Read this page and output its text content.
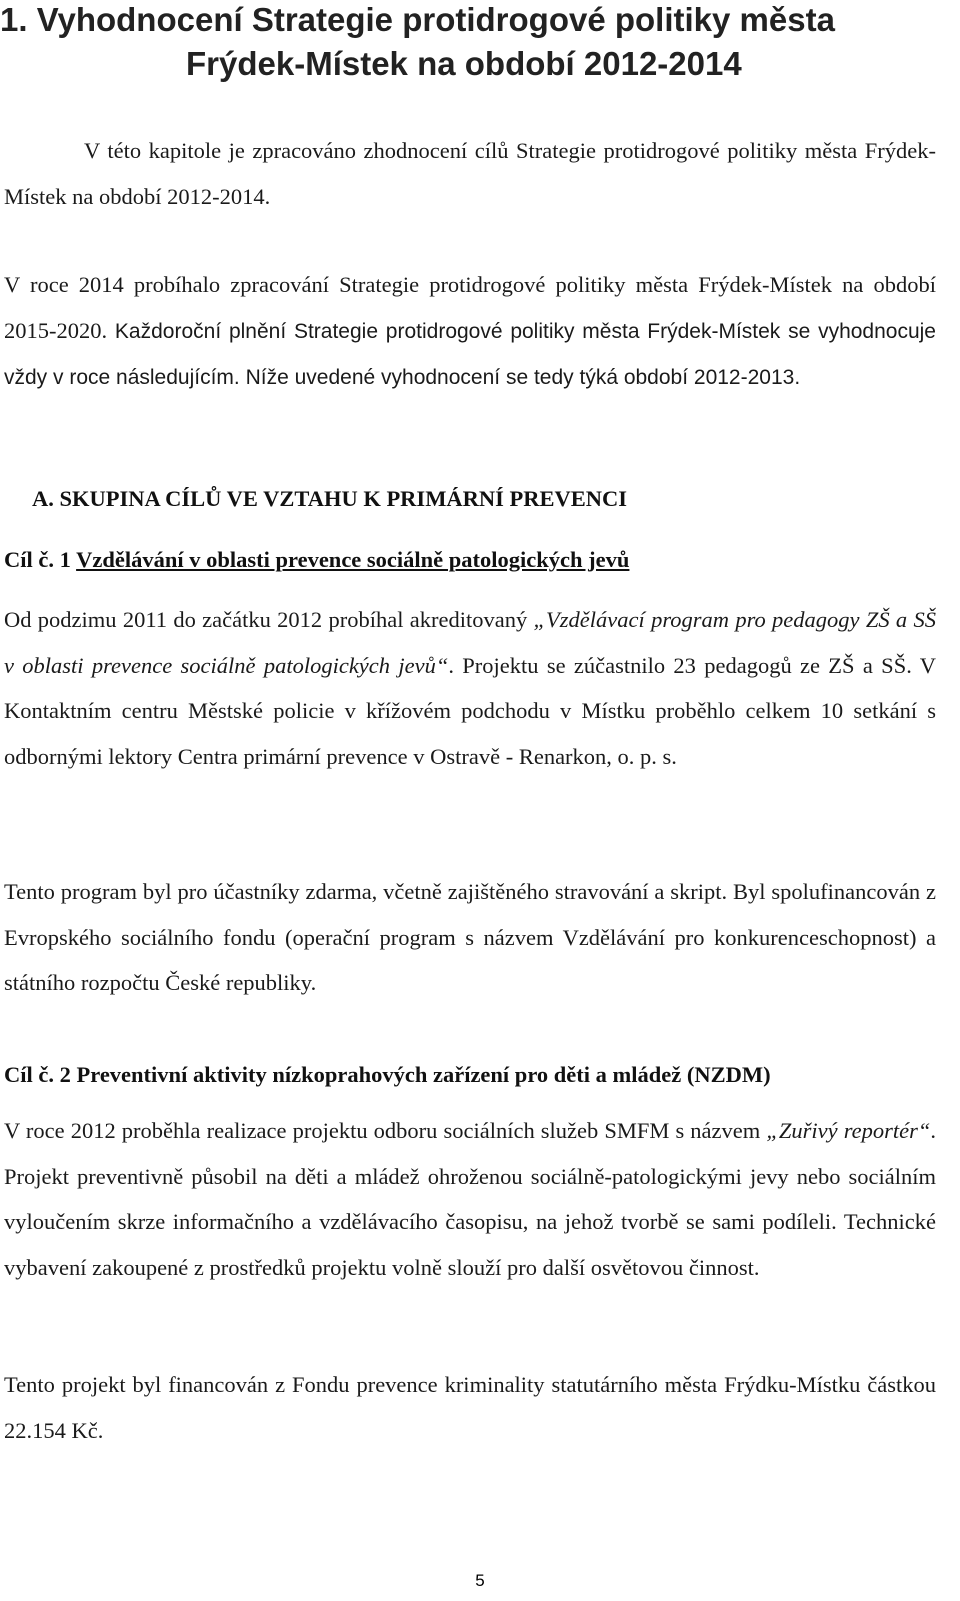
1. Vyhodnocení Strategie protidrogové politiky města
Frýdek-Místek na období 2012-2014

V této kapitole je zpracováno zhodnocení cílů Strategie protidrogové politiky města Frýdek-Místek na období 2012-2014.

V roce 2014 probíhalo zpracování Strategie protidrogové politiky města Frýdek-Místek na období 2015-2020. Každoroční plnění Strategie protidrogové politiky města Frýdek-Místek se vyhodnocuje vždy v roce následujícím. Níže uvedené vyhodnocení se tedy týká období 2012-2013.

A. SKUPINA CÍLŮ VE VZTAHU K PRIMÁRNÍ PREVENCI
Cíl č. 1 Vzdělávání v oblasti prevence sociálně patologických jevů

Od podzimu 2011 do začátku 2012 probíhal akreditovaný „Vzdělávací program pro pedagogy ZŠ a SŠ v oblasti prevence sociálně patologických jevů“. Projektu se zúčastnilo 23 pedagogů ze ZŠ a SŠ. V Kontaktním centru Městské policie v křížovém podchodu v Místku proběhlo celkem 10 setkání s odbornými lektory Centra primární prevence v Ostravě - Renarkon, o. p. s.

Tento program byl pro účastníky zdarma, včetně zajištěného stravování a skript. Byl spolufinancován z Evropského sociálního fondu (operační program s názvem Vzdělávání pro konkurenceschopnost) a státního rozpočtu České republiky.

Cíl č. 2 Preventivní aktivity nízkoprahových zařízení pro děti a mládež (NZDM)

V roce 2012 proběhla realizace projektu odboru sociálních služeb SMFM s názvem „Zuřivý reportér“. Projekt preventivně působil na děti a mládež ohroženou sociálně-patologickými jevy nebo sociálním vyloučením skrze informačního a vzdělávacího časopisu, na jehož tvorbě se sami podíleli. Technické vybavení zakoupené z prostředků projektu volně slouží pro další osvětovou činnost.

Tento projekt byl financován z Fondu prevence kriminality statutárního města Frýdku-Místku částkou 22.154 Kč.

5
